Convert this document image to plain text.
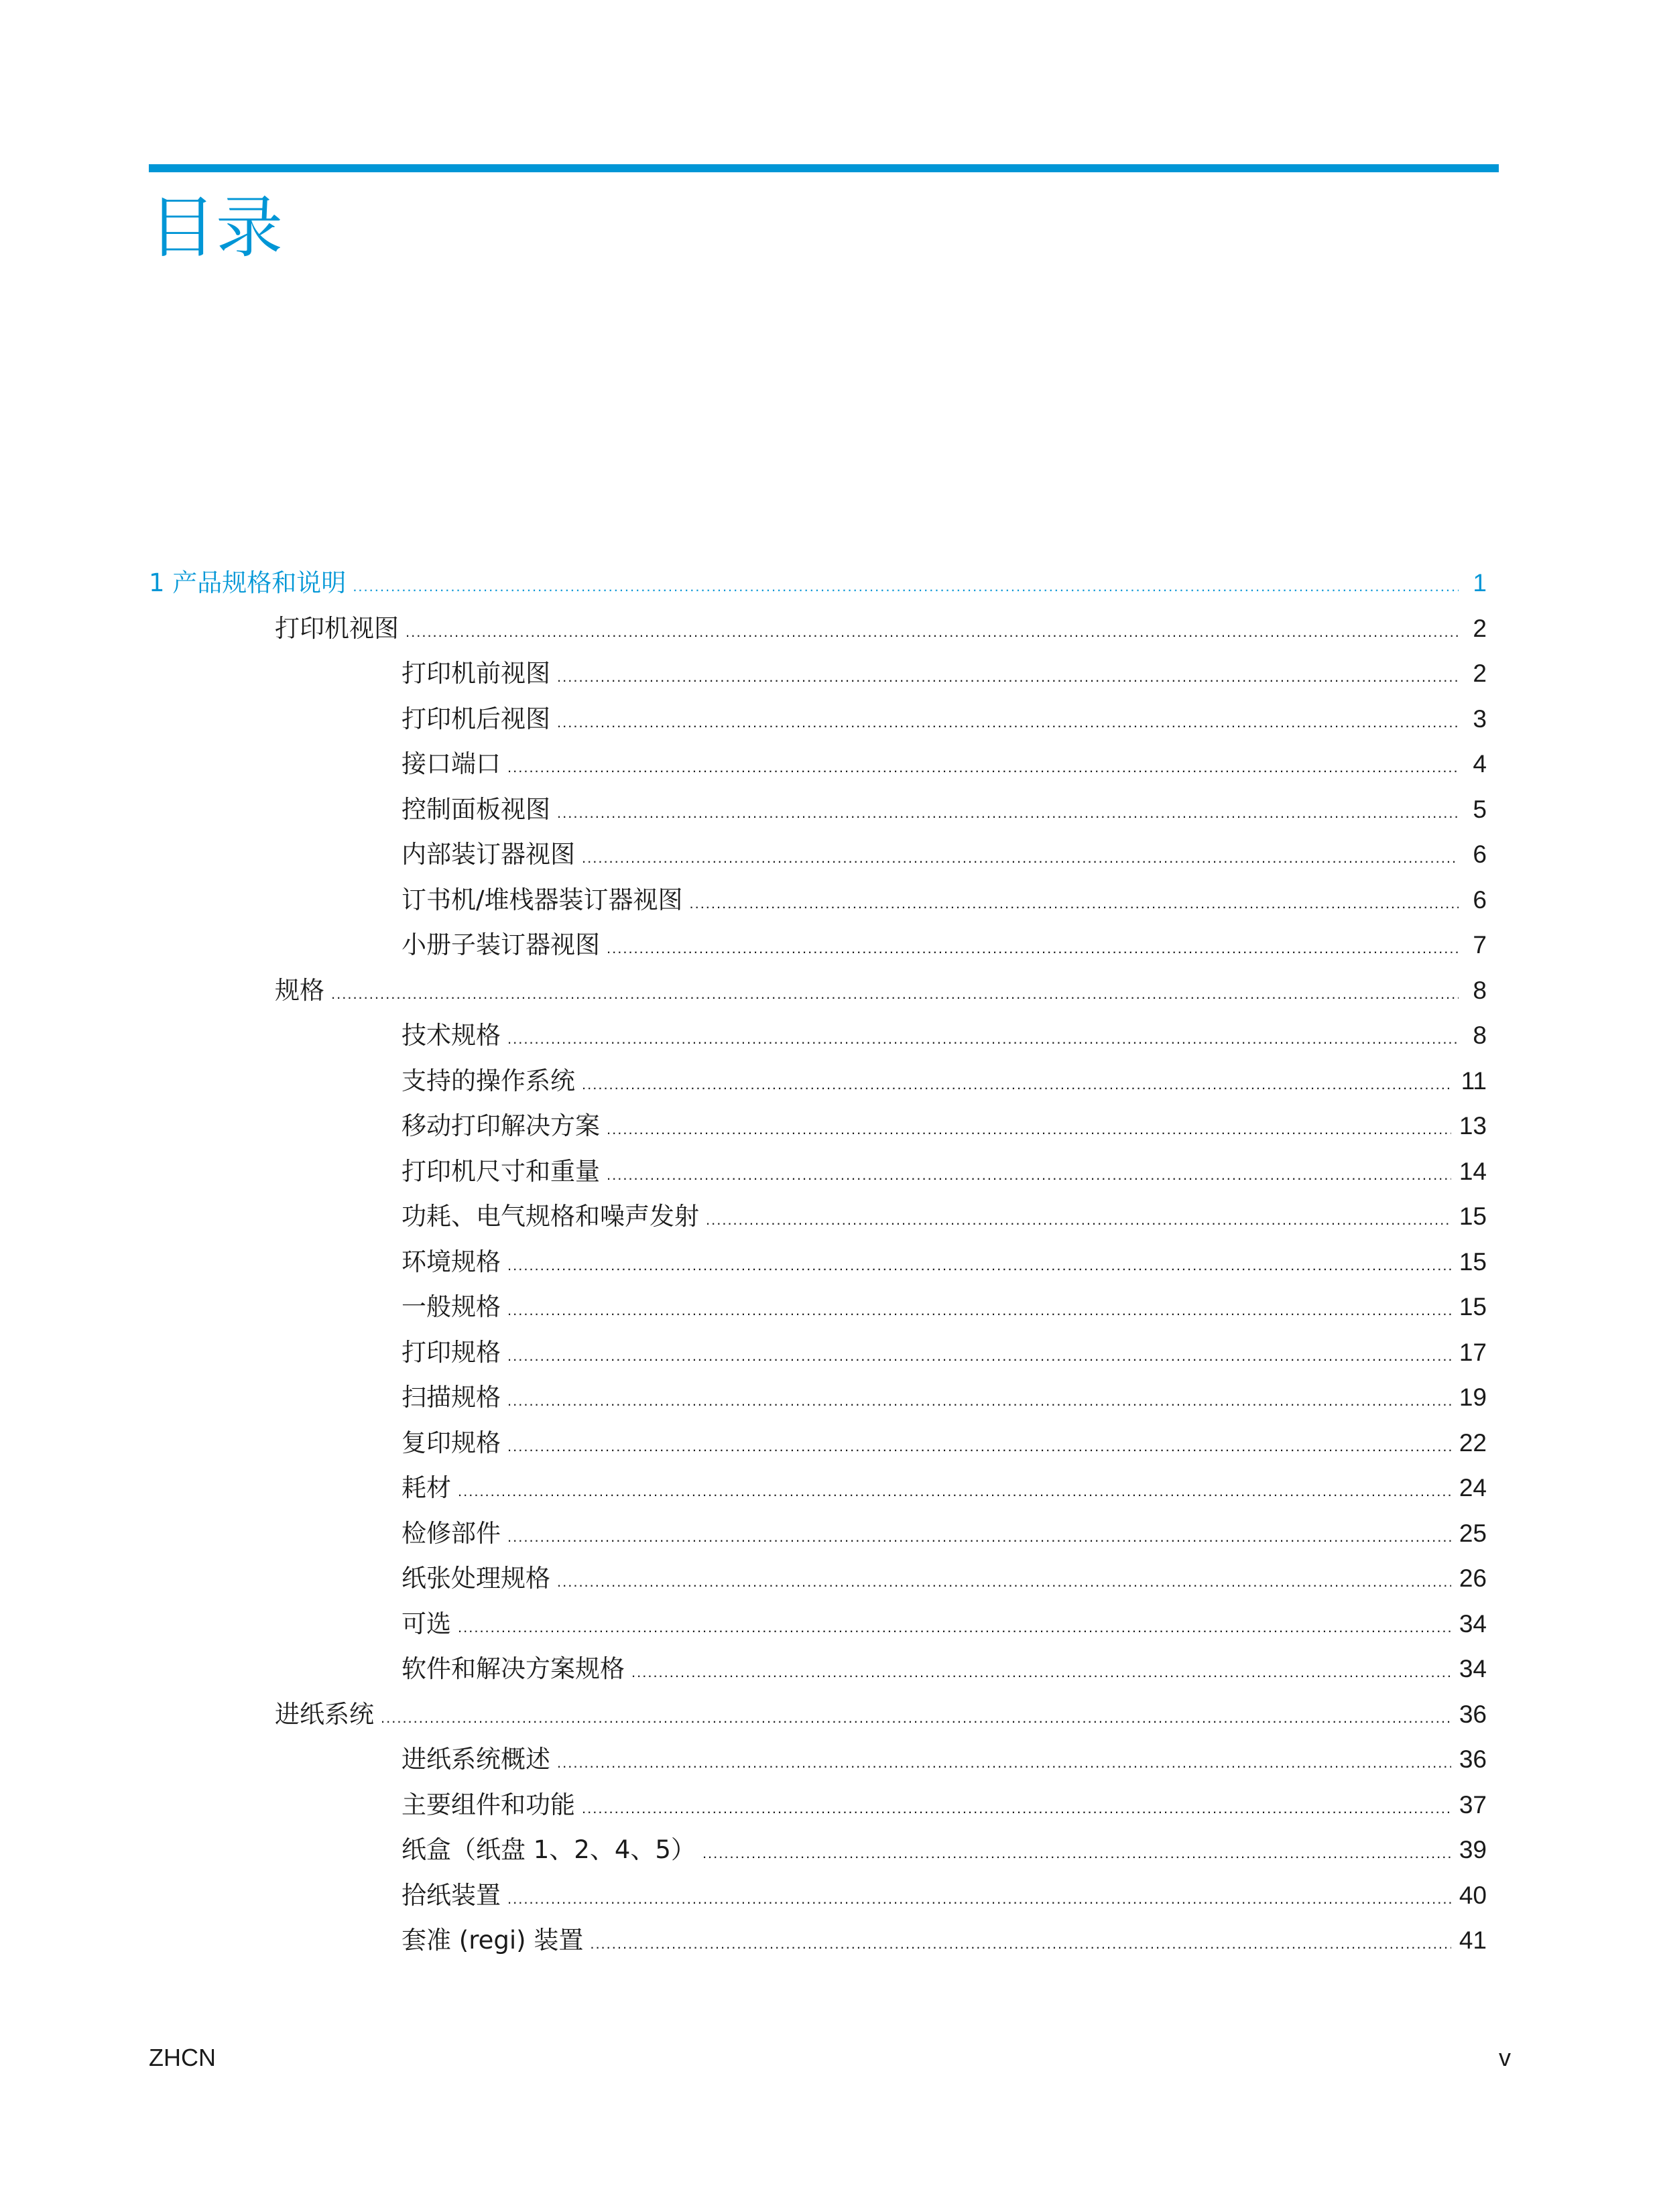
目录
1 产品规格和说明 .....	1
打印机视图 .....	2
打印机前视图 .....	2
打印机后视图 .....	3
接口端口 .....	4
控制面板视图 .....	5
内部装订器视图 .....	6
订书机/堆栈器装订器视图 .....	6
小册子装订器视图 .....	7
规格 .....	8
技术规格 .....	8
支持的操作系统 .....	11
移动打印解决方案 .....	13
打印机尺寸和重量 .....	14
功耗、电气规格和噪声发射 .....	15
环境规格 .....	15
一般规格 .....	15
打印规格 .....	17
扫描规格 .....	19
复印规格 .....	22
耗材 .....	24
检修部件 .....	25
纸张处理规格 .....	26
可选 .....	34
软件和解决方案规格 .....	34
进纸系统 .....	36
进纸系统概述 .....	36
主要组件和功能 .....	37
纸盒（纸盘 1、2、4、5） .....	39
拾纸装置 .....	40
套准 (regi) 装置 .....	41
ZHCN	v
